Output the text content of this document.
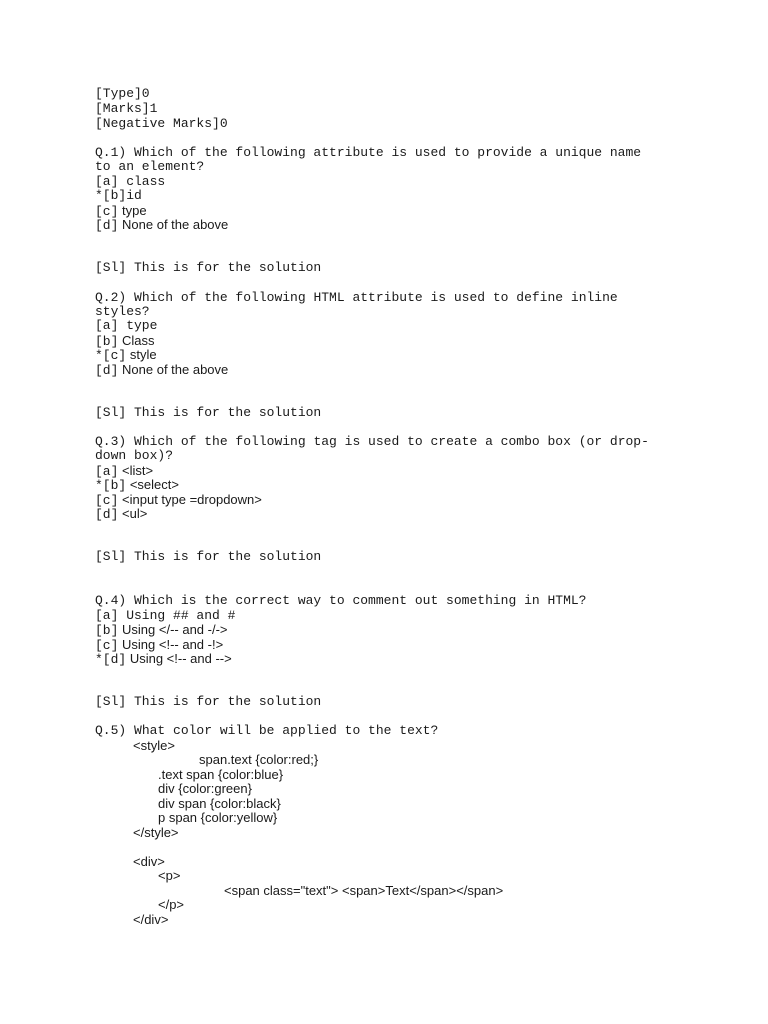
[Type]0
[Marks]1
[Negative Marks]0
Q.1) Which of the following attribute is used to provide a unique name
to an element?
[a] class
*[b]id
[c] type
[d] None of the above
[Sl] This is for the solution
Q.2) Which of the following HTML attribute is used to define inline
styles?
[a] type
[b] Class
*[c] style
[d] None of the above
[Sl] This is for the solution
Q.3) Which of the following tag is used to create a combo box (or drop-
down box)?
[a] <list>
*[b] <select>
[c] <input type =dropdown>
[d] <ul>
[Sl] This is for the solution
Q.4) Which is the correct way to comment out something in HTML?
[a] Using ## and #
[b] Using </-- and -/->
[c] Using <!-- and -!>
*[d] Using <!-- and -->
[Sl] This is for the solution
Q.5) What color will be applied to the text?
<style>
span.text {color:red;}
.text span {color:blue}
div {color:green}
div span {color:black}
p span {color:yellow}
</style>
<div>
<p>
<span class="text"> <span>Text</span></span>
</p>
</div>
